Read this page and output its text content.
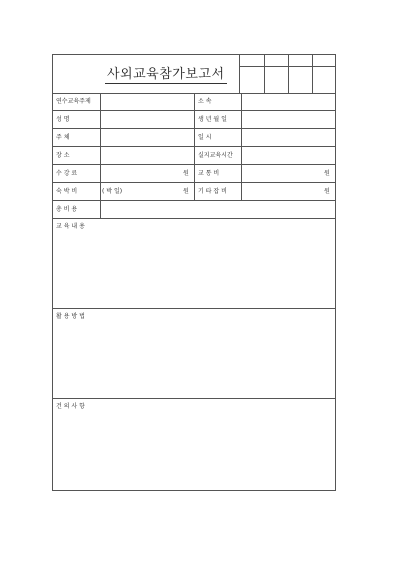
사외교육참가보고서
연수교육주제	소 속
성 명	생 년 월 일
주 체	일 시
장 소	실지교육시간
수 강 료	원 교 통 비	원
숙 박 비	( 박 일)	원 기 타 잡 비	원
총 비 용
교 육 내 용
활 용 방 법
건 의 사 항
